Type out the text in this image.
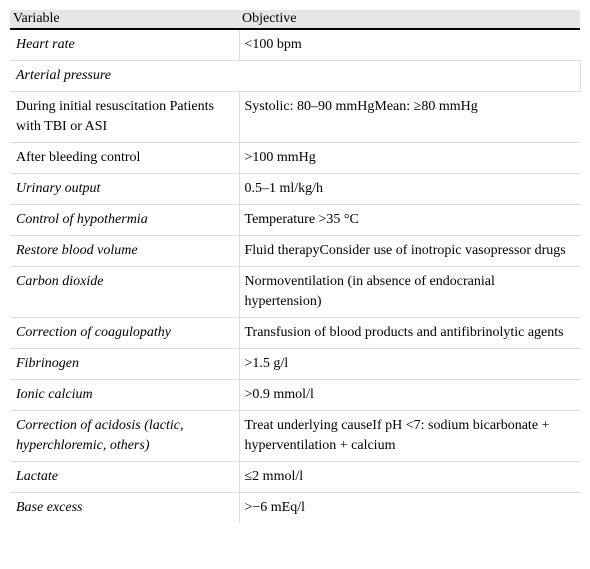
Variable	Objective
Heart rate	<100 bpm
Arterial pressure	
During initial resuscitation Patients with TBI or ASI	Systolic: 80–90 mmHgMean: ≥80 mmHg
After bleeding control	>100 mmHg
Urinary output	0.5–1 ml/kg/h
Control of hypothermia	Temperature >35 °C
Restore blood volume	Fluid therapyConsider use of inotropic vasopressor drugs
Carbon dioxide	Normoventilation (in absence of endocranial hypertension)
Correction of coagulopathy	Transfusion of blood products and antifibrinolytic agents
Fibrinogen	>1.5 g/l
Ionic calcium	>0.9 mmol/l
Correction of acidosis (lactic, hyperchloremic, others)	Treat underlying causeIf pH <7: sodium bicarbonate + hyperventilation + calcium
Lactate	≤2 mmol/l
Base excess	>−6 mEq/l
